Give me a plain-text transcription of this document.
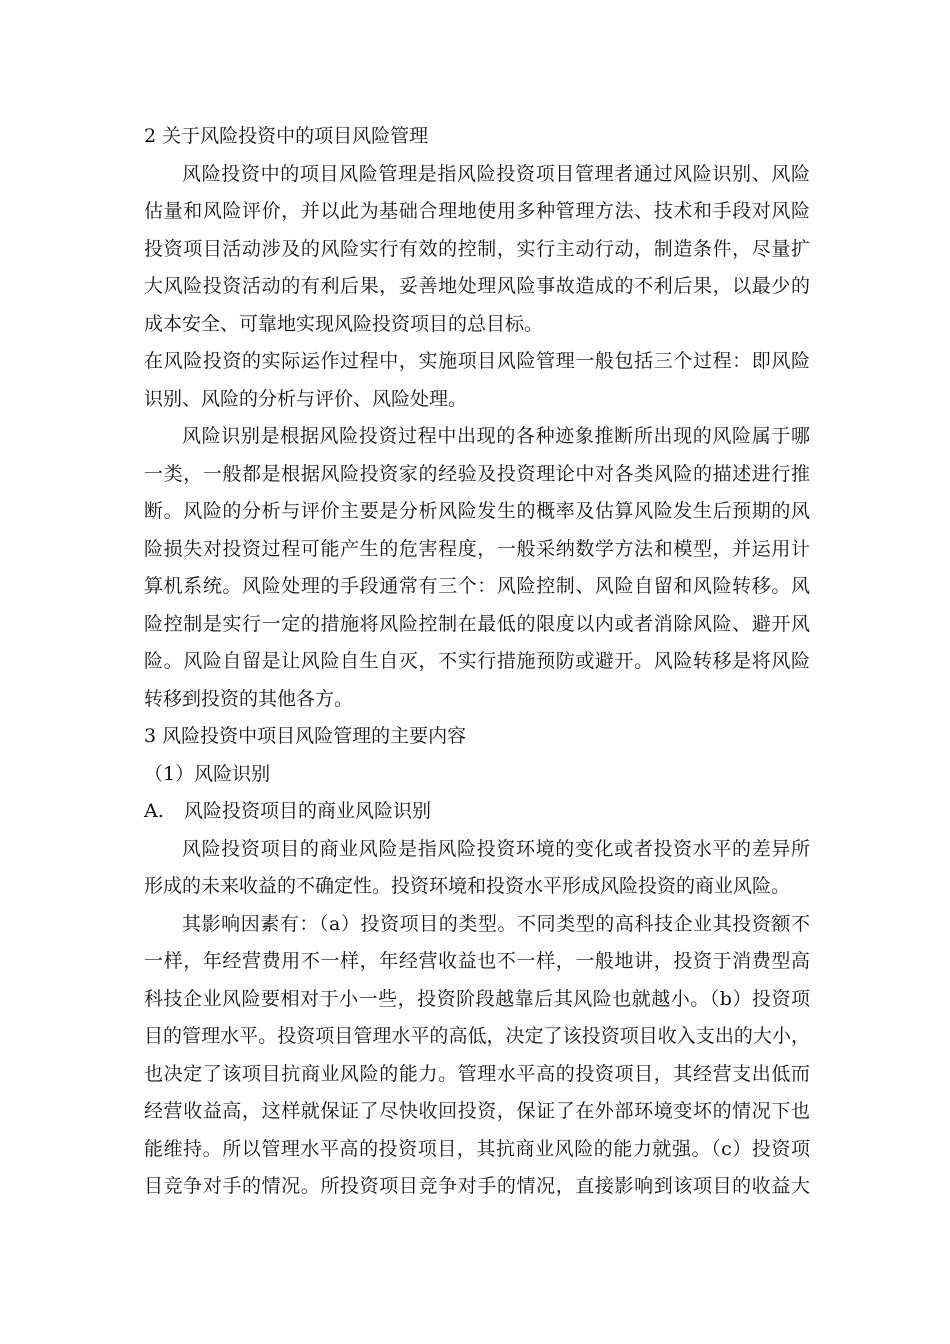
2 关于风险投资中的项目风险管理
风险投资中的项目风险管理是指风险投资项目管理者通过风险识别、风险
估量和风险评价，并以此为基础合理地使用多种管理方法、技术和手段对风险
投资项目活动涉及的风险实行有效的控制，实行主动行动，制造条件，尽量扩
大风险投资活动的有利后果，妥善地处理风险事故造成的不利后果，以最少的
成本安全、可靠地实现风险投资项目的总目标。
在风险投资的实际运作过程中，实施项目风险管理一般包括三个过程：即风险
识别、风险的分析与评价、风险处理。
风险识别是根据风险投资过程中出现的各种迹象推断所出现的风险属于哪
一类，一般都是根据风险投资家的经验及投资理论中对各类风险的描述进行推
断。风险的分析与评价主要是分析风险发生的概率及估算风险发生后预期的风
险损失对投资过程可能产生的危害程度，一般采纳数学方法和模型，并运用计
算机系统。风险处理的手段通常有三个：风险控制、风险自留和风险转移。风
险控制是实行一定的措施将风险控制在最低的限度以内或者消除风险、避开风
险。风险自留是让风险自生自灭，不实行措施预防或避开。风险转移是将风险
转移到投资的其他各方。
3 风险投资中项目风险管理的主要内容
（1）风险识别
A. 风险投资项目的商业风险识别
风险投资项目的商业风险是指风险投资环境的变化或者投资水平的差异所
形成的未来收益的不确定性。投资环境和投资水平形成风险投资的商业风险。
其影响因素有：（a）投资项目的类型。不同类型的高科技企业其投资额不
一样，年经营费用不一样，年经营收益也不一样，一般地讲，投资于消费型高
科技企业风险要相对于小一些，投资阶段越靠后其风险也就越小。（b）投资项
目的管理水平。投资项目管理水平的高低，决定了该投资项目收入支出的大小，
也决定了该项目抗商业风险的能力。管理水平高的投资项目，其经营支出低而
经营收益高，这样就保证了尽快收回投资，保证了在外部环境变坏的情况下也
能维持。所以管理水平高的投资项目，其抗商业风险的能力就强。（c）投资项
目竞争对手的情况。所投资项目竞争对手的情况，直接影响到该项目的收益大
